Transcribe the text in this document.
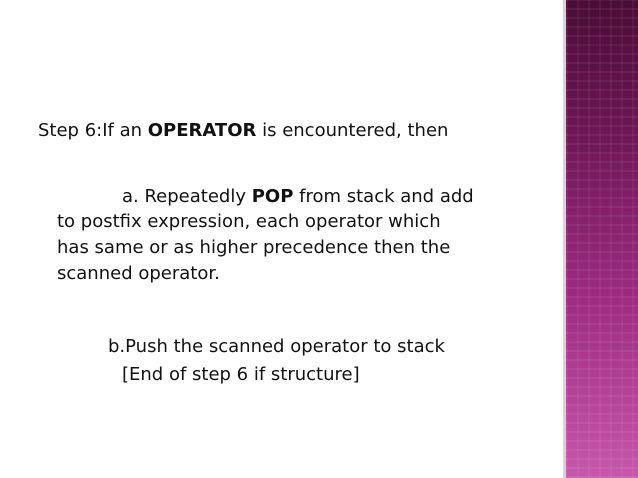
Step 6:If an OPERATOR is encountered, then

a. Repeatedly POP from stack and add

to postfix expression, each operator which

has same or as higher precedence then the

scanned operator.

b.Push the scanned operator to stack

[End of step 6 if structure]
